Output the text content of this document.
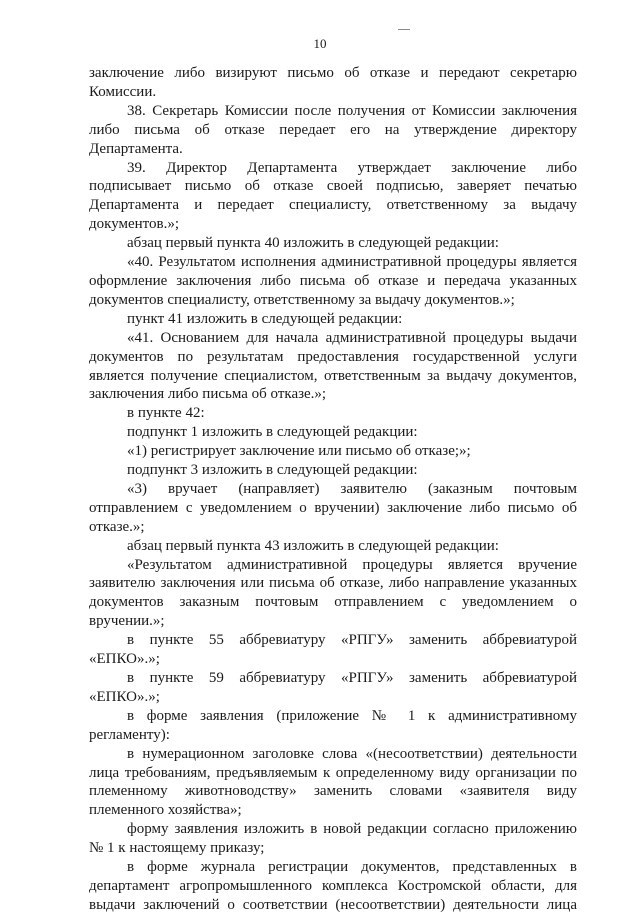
10
заключение либо визируют письмо об отказе и передают секретарю
Комиссии.
38. Секретарь Комиссии после получения от Комиссии заключения
либо письма об отказе передает его на утверждение директору
Департамента.
39. Директор Департамента утверждает заключение либо
подписывает письмо об отказе своей подписью, заверяет печатью
Департамента и передает специалисту, ответственному за выдачу
документов.»;
абзац первый пункта 40 изложить в следующей редакции:
«40. Результатом исполнения административной процедуры является
оформление заключения либо письма об отказе и передача указанных
документов специалисту, ответственному за выдачу документов.»;
пункт 41 изложить в следующей редакции:
«41. Основанием для начала административной процедуры выдачи
документов по результатам предоставления государственной услуги
является получение специалистом, ответственным за выдачу документов,
заключения либо письма об отказе.»;
в пункте 42:
подпункт 1 изложить в следующей редакции:
«1) регистрирует заключение или письмо об отказе;»;
подпункт 3 изложить в следующей редакции:
«3) вручает (направляет) заявителю (заказным почтовым
отправлением с уведомлением о вручении) заключение либо письмо об
отказе.»;
абзац первый пункта 43 изложить в следующей редакции:
«Результатом административной процедуры является вручение
заявителю заключения или письма об отказе, либо направление указанных
документов заказным почтовым отправлением с уведомлением о
вручении.»;
в пункте 55 аббревиатуру «РПГУ» заменить аббревиатурой
«ЕПКО».»;
в пункте 59 аббревиатуру «РПГУ» заменить аббревиатурой
«ЕПКО».»;
в форме заявления (приложение № 1 к административному
регламенту):
в нумерационном заголовке слова «(несоответствии) деятельности
лица требованиям, предъявляемым к определенному виду организации по
племенному животноводству» заменить словами «заявителя виду
племенного хозяйства»;
форму заявления изложить в новой редакции согласно приложению
№ 1 к настоящему приказу;
в форме журнала регистрации документов, представленных в
департамент агропромышленного комплекса Костромской области, для
выдачи заключений о соответствии (несоответствии) деятельности лица
